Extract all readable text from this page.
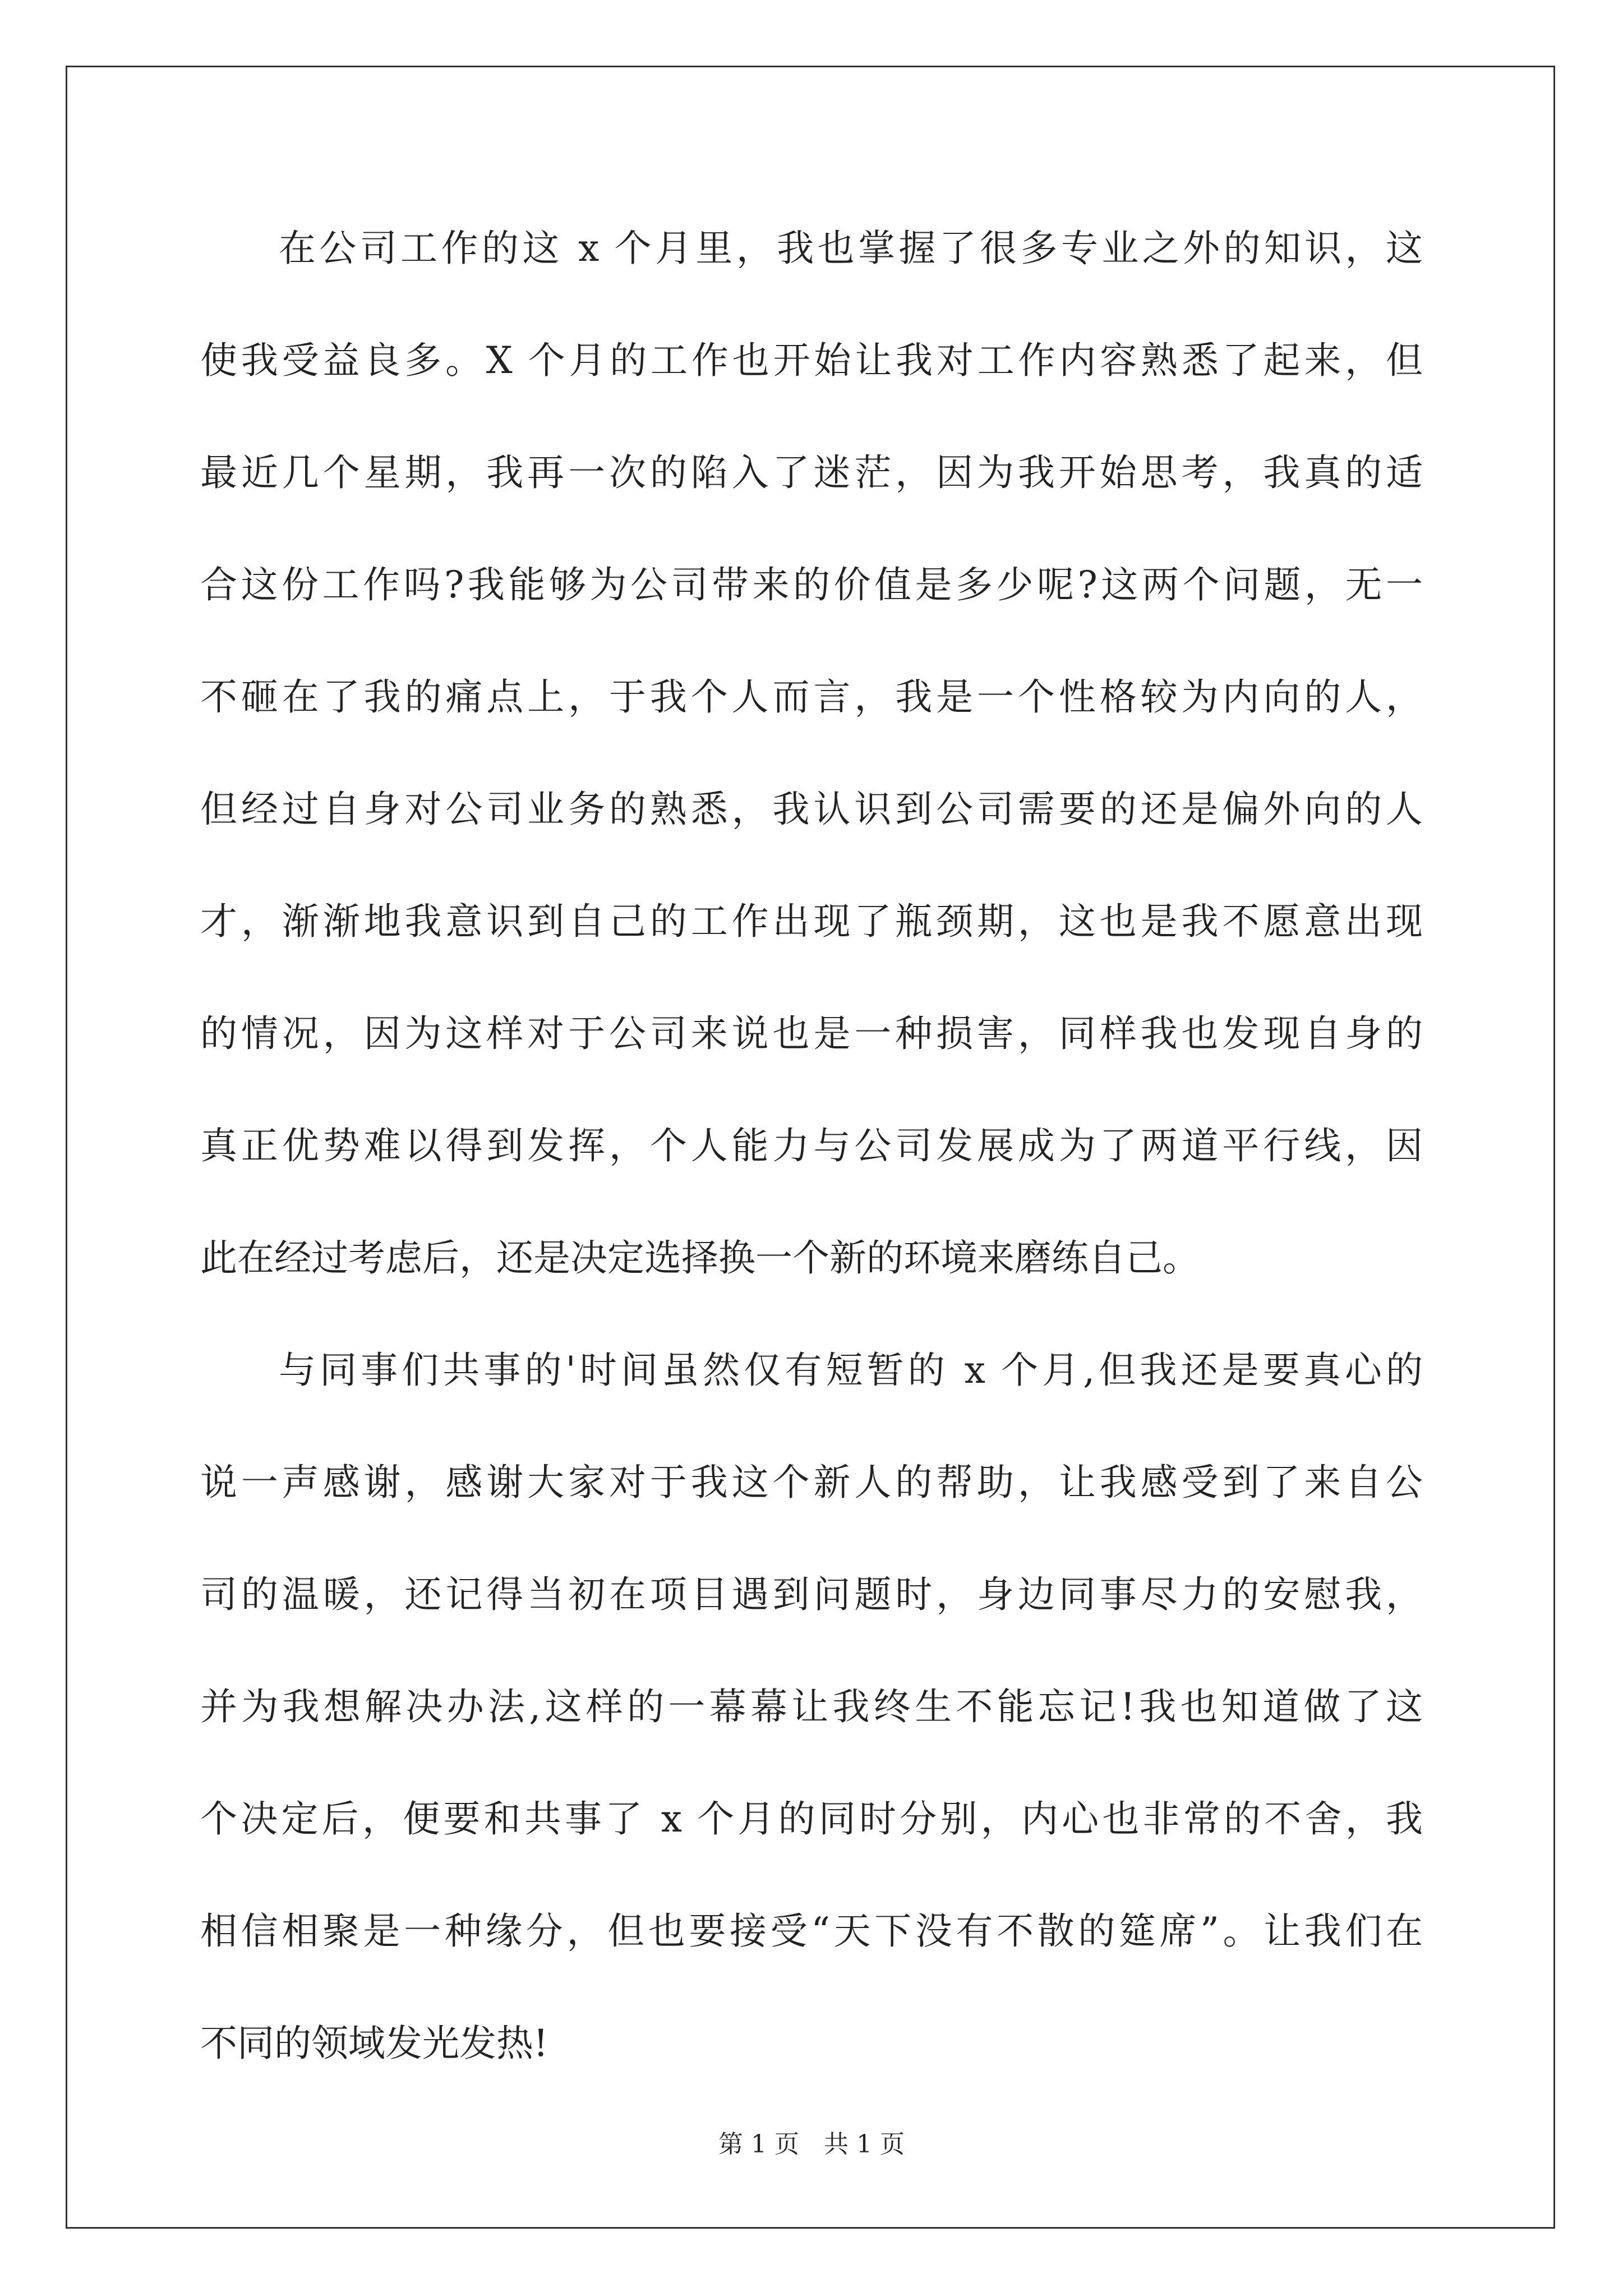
在公司工作的这 x 个月里，我也掌握了很多专业之外的知识，这
使我受益良多。X 个月的工作也开始让我对工作内容熟悉了起来，但
最近几个星期，我再一次的陷入了迷茫，因为我开始思考，我真的适
合这份工作吗?我能够为公司带来的价值是多少呢?这两个问题，无一
不砸在了我的痛点上，于我个人而言，我是一个性格较为内向的人，
但经过自身对公司业务的熟悉，我认识到公司需要的还是偏外向的人
才，渐渐地我意识到自己的工作出现了瓶颈期，这也是我不愿意出现
的情况，因为这样对于公司来说也是一种损害，同样我也发现自身的
真正优势难以得到发挥，个人能力与公司发展成为了两道平行线，因
此在经过考虑后，还是决定选择换一个新的环境来磨练自己。
与同事们共事的'时间虽然仅有短暂的 x 个月,但我还是要真心的
说一声感谢，感谢大家对于我这个新人的帮助，让我感受到了来自公
司的温暖，还记得当初在项目遇到问题时，身边同事尽力的安慰我，
并为我想解决办法,这样的一幕幕让我终生不能忘记!我也知道做了这
个决定后，便要和共事了 x 个月的同时分别，内心也非常的不舍，我
相信相聚是一种缘分，但也要接受“天下没有不散的筵席”。让我们在
不同的领域发光发热!
第 1 页 共 1 页
